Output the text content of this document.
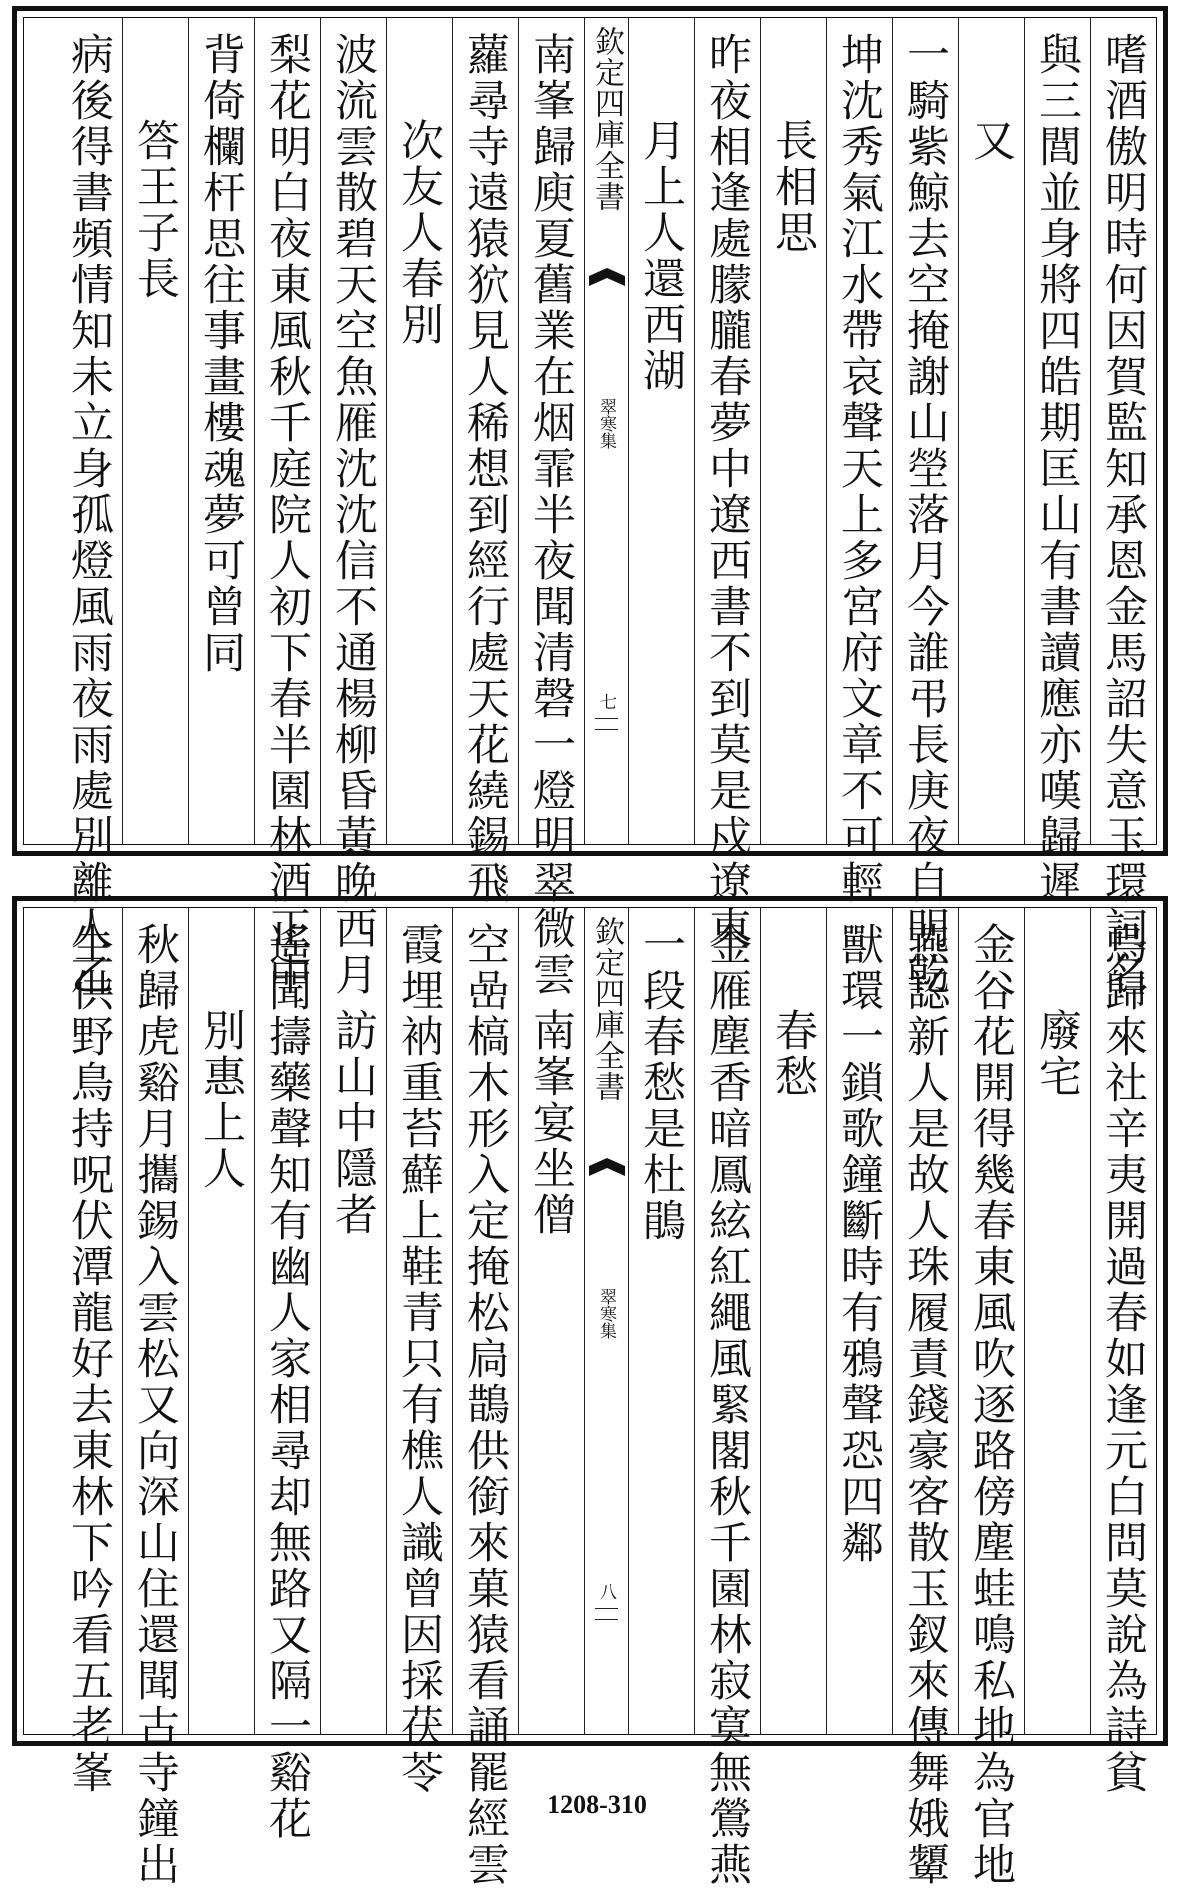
嗜酒傲明時何因賀監知承恩金馬詔失意玉環詞名
與三閭並身將四皓期匡山有書讀應亦嘆歸遲
又
一騎紫鯨去空掩謝山塋落月今誰弔長庚夜自明乾
坤沈秀氣江水帶哀聲天上多宮府文章不可輕
長相思
昨夜相逢處朦朧春夢中遼西書不到莫是戍遼東
月上人還西湖
欽定四庫全書
翠寒集
七
南峯歸庾夏舊業在烟霏半夜聞清磬一燈明翠微雲
蘿尋寺遠猿狖見人稀想到經行處天花繞錫飛
次友人春別
波流雲散碧天空魚雁沈沈信不通楊柳昏黃晚西月
梨花明白夜東風秋千庭院人初下春半園林酒正中
背倚欄杆思往事畫樓魂夢可曾同
答王子長
病後得書頻情知未立身孤燈風雨夜雨處別離人乙
烏歸來社辛夷開過春如逢元白問莫說為詩貧
廢宅
金谷花開得幾春東風吹逐路傍塵蛙鳴私地為官地
燕認新人是故人珠履責錢豪客散玉釵來傳舞娥顰
獸環一鎖歌鐘斷時有鴉聲恐四鄰
春愁
金雁塵香暗鳳絃紅繩風緊閣秋千園林寂寞無鶯燕
一段春愁是杜鵑
欽定四庫全書
翠寒集
八
南峯宴坐僧
空嵒槁木形入定掩松扃鵲供銜來菓猿看誦罷經雲
霞埋衲重苔蘚上鞋青只有樵人識曾因採茯苓
訪山中隱者
遙聞擣藥聲知有幽人家相尋却無路又隔一谿花
別惠上人
秋歸虎谿月攜錫入雲松又向深山住還聞古寺鐘出
生供野鳥持呪伏潭龍好去東林下吟看五老峯
1208-310
